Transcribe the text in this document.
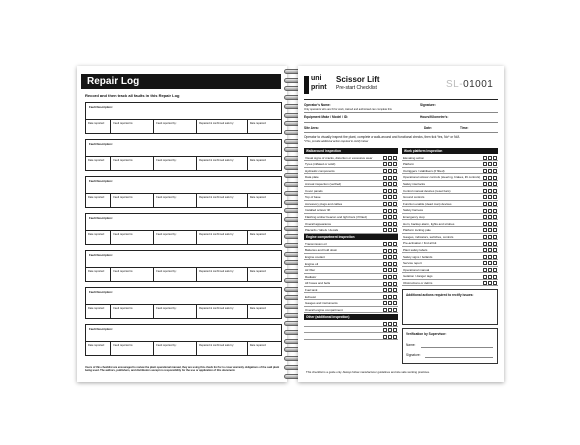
Repair Log
Record and then track all faults in this Repair Log
Fault Description:
Date reported:	Fault reported to:	Fault reported by:	Repaired & confirmed safe by:	Date repaired:
Fault Description:
Date reported:	Fault reported to:	Fault reported by:	Repaired & confirmed safe by:	Date repaired:
Fault Description:
Date reported:	Fault reported to:	Fault reported by:	Repaired & confirmed safe by:	Date repaired:
Fault Description:
Date reported:	Fault reported to:	Fault reported by:	Repaired & confirmed safe by:	Date repaired:
Fault Description:
Date reported:	Fault reported to:	Fault reported by:	Repaired & confirmed safe by:	Date repaired:
Fault Description:
Date reported:	Fault reported to:	Fault reported by:	Repaired & confirmed safe by:	Date repaired:
Fault Description:
Date reported:	Fault reported to:	Fault reported by:	Repaired & confirmed safe by:	Date repaired:
Users of this checklist are encouraged to review the plant operational manual, they are using this check list for to cover warranty obligations of the said plant being used. The authors, publishers, and distributors accept no responsibility for the use or application of this document.
uni
print
Scissor Lift
Pre-start Checklist	SL-01001
Operator's Name:	Signature:
Only operators who are fit for work, trained and authorised can complete this
Equipment Make / Model / ID:	Hours/Kilometre's:
Site Area:	Date:	Time:
Operator to visually inspect the plant, complete a walk-around and functional checks, then tick Yes, No* or N/A
*If No, provide additional action required to rectify below
Additional actions required to rectify issues:
Verification by Supervisor:
Name:
Signature:
This checklist is a guide only. Always follow manufacturer guidelines and site safe working practices.
Walkaround inspection
Visual signs of cracks, distortion or excessive wear
Tyres (inflated or solid)
Hydraulic components
Data plate
Annual inspection (verified)
Cover panels
Top of base
Accessory plugs and cables
Installed scissor lift
Flashing amber beacon and light bars (if fitted)
Overall appearance
Placards / labels / decals
Engine compartment inspection
Transmission oil
Batteries and hold down
Engine coolant
Engine oil
Air filter
Radiator
All hoses and belts
Fuel tank
Exhaust
Gauges and instruments
Overall engine compartment
Other (additional inspection)
Work platform inspection
Elevating action
Platform
Outriggers / stabilisers (if fitted)
Operational scissor controls (steering, brakes, lift controls)
Safety interlocks
Control manual devices (reset bars)
Ground controls
Function enable (dead man) devices
Safety harness
Emergency stop
Horn, backup alarm, lights and strobes
Platform locking pale
Gauges, indicators, switches, controls
Pre-activation / find all kit
Plant safety labels
Safety signs / bollards
Service report
Operational manual
Isolation / danger tags
Obstructions or debris
